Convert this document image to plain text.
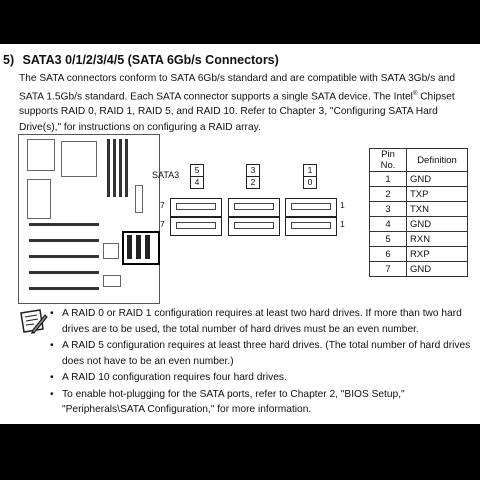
5) SATA3 0/1/2/3/4/5 (SATA 6Gb/s Connectors)
The SATA connectors conform to SATA 6Gb/s standard and are compatible with SATA 3Gb/s and SATA 1.5Gb/s standard. Each SATA connector supports a single SATA device. The Intel® Chipset supports RAID 0, RAID 1, RAID 5, and RAID 10. Refer to Chapter 3, "Configuring SATA Hard Drive(s)," for instructions on configuring a RAID array.
SATA3	5
4
3
2
1
0
7
7
1
1
Pin No.	Definition
1	GND
2	TXP
3	TXN
4	GND
5	RXN
6	RXP
7	GND
• A RAID 0 or RAID 1 configuration requires at least two hard drives. If more than two hard drives are to be used, the total number of hard drives must be an even number.
• A RAID 5 configuration requires at least three hard drives. (The total number of hard drives does not have to be an even number.)
• A RAID 10 configuration requires four hard drives.
• To enable hot-plugging for the SATA ports, refer to Chapter 2, "BIOS Setup," "Peripherals\SATA Configuration," for more information.
